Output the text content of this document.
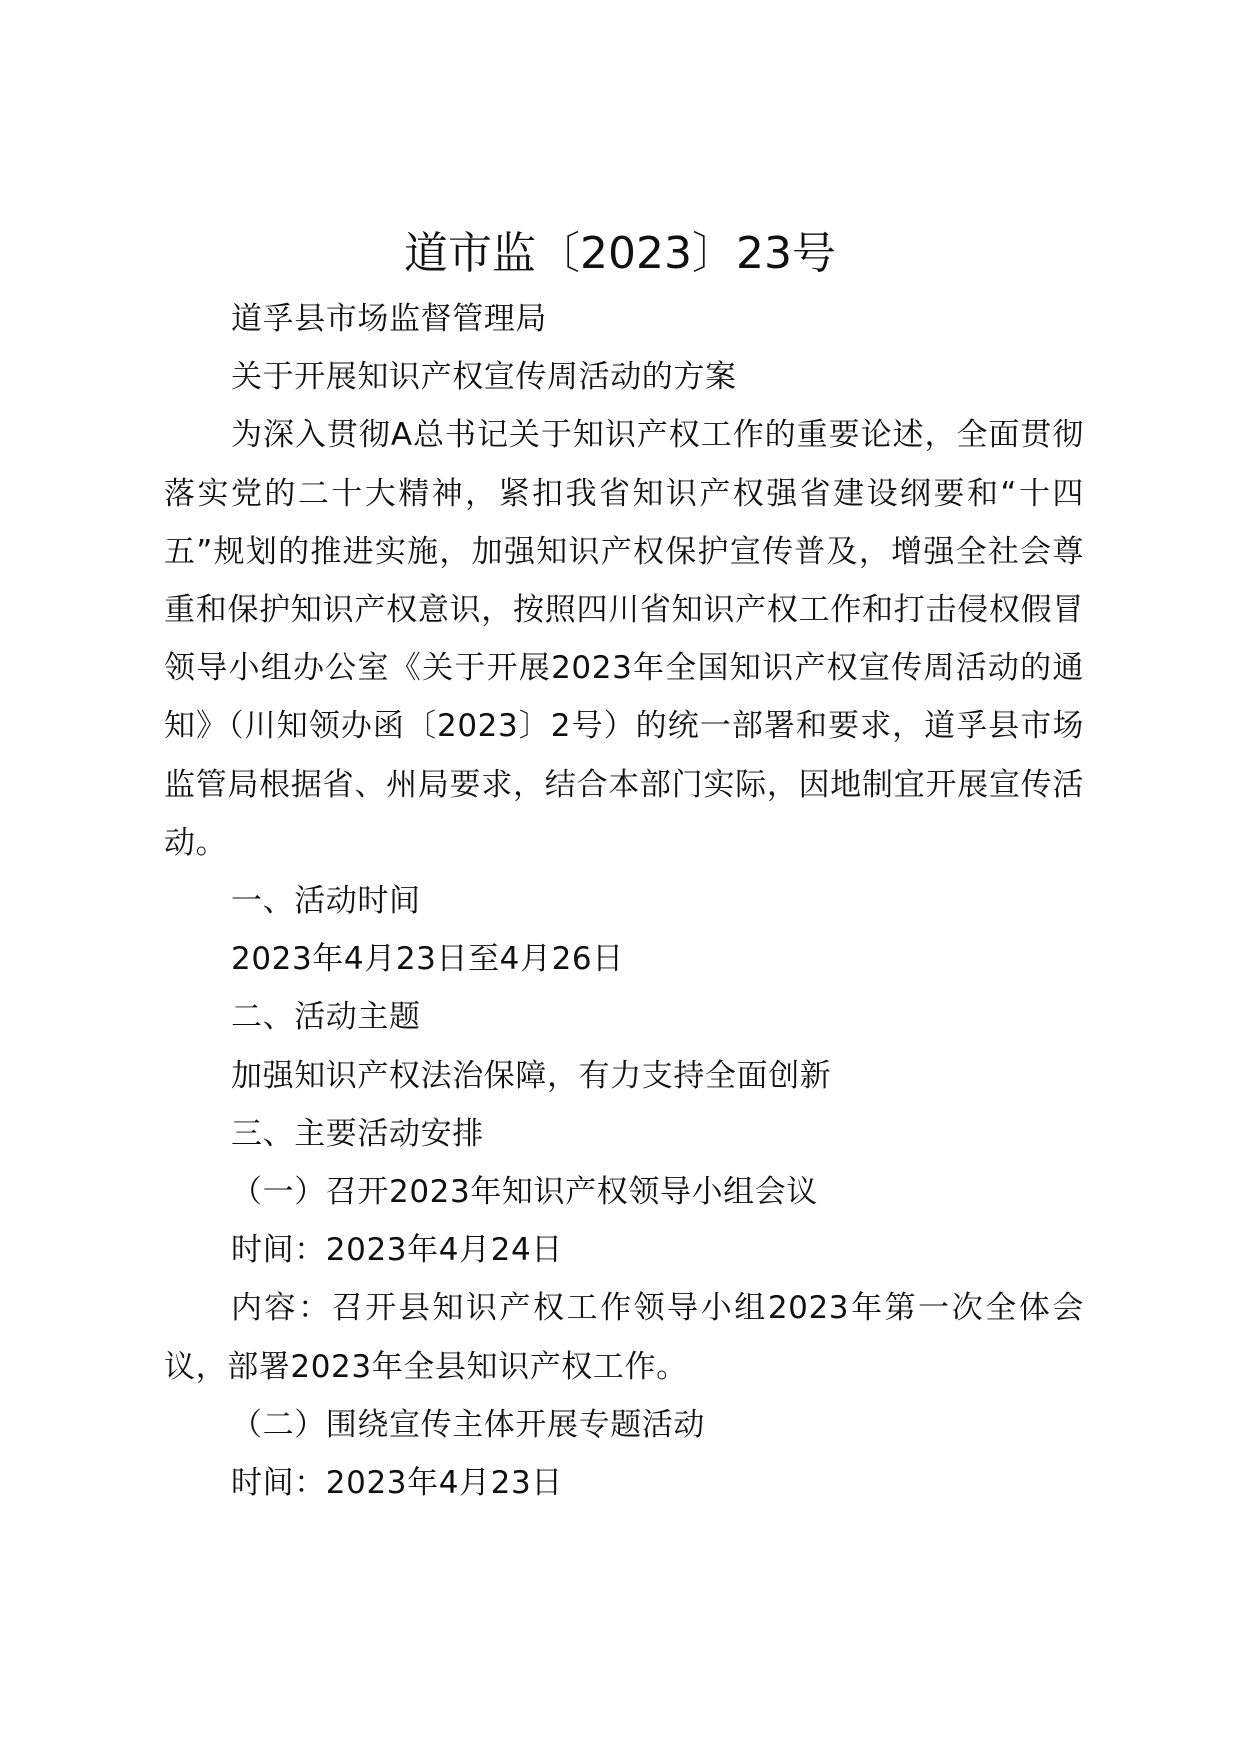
道市监〔2023〕23号

道孚县市场监督管理局

关于开展知识产权宣传周活动的方案

为深入贯彻A总书记关于知识产权工作的重要论述，全面贯彻落实党的二十大精神，紧扣我省知识产权强省建设纲要和“十四五”规划的推进实施，加强知识产权保护宣传普及，增强全社会尊重和保护知识产权意识，按照四川省知识产权工作和打击侵权假冒领导小组办公室《关于开展2023年全国知识产权宣传周活动的通知》（川知领办函〔2023〕2号）的统一部署和要求，道孚县市场监管局根据省、州局要求，结合本部门实际，因地制宜开展宣传活动。

一、活动时间

2023年4月23日至4月26日

二、活动主题

加强知识产权法治保障，有力支持全面创新

三、主要活动安排

（一）召开2023年知识产权领导小组会议

时间：2023年4月24日

内容：召开县知识产权工作领导小组2023年第一次全体会议，部署2023年全县知识产权工作。

（二）围绕宣传主体开展专题活动

时间：2023年4月23日
